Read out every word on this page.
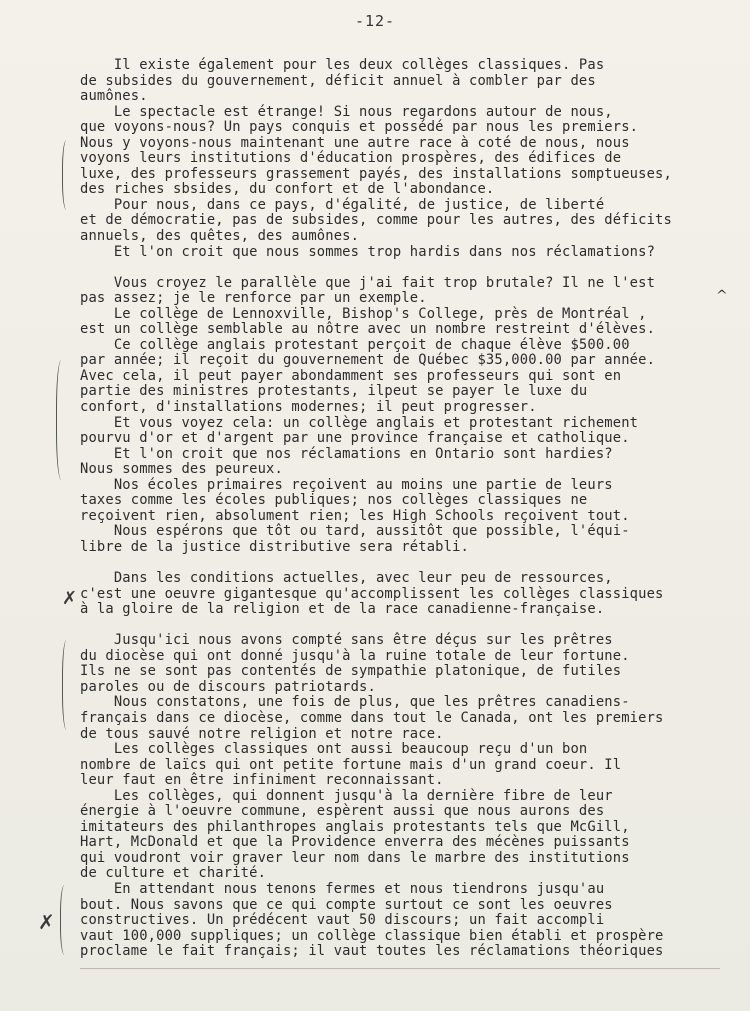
-12-
Il existe également pour les deux collèges classiques. Pas
de subsides du gouvernement, déficit annuel à combler par des
aumônes.
Le spectacle est étrange! Si nous regardons autour de nous,
que voyons-nous? Un pays conquis et possédé par nous les premiers.
Nous y voyons-nous maintenant une autre race à coté de nous, nous
voyons leurs institutions d'éducation prospères, des édifices de
luxe, des professeurs grassement payés, des installations somptueuses,
des riches sbsides, du confort et de l'abondance.
Pour nous, dans ce pays, d'égalité, de justice, de liberté
et de démocratie, pas de subsides, comme pour les autres, des déficits
annuels, des quêtes, des aumônes.
Et l'on croit que nous sommes trop hardis dans nos réclamations?
Vous croyez le parallèle que j'ai fait trop brutale? Il ne l'est
pas assez; je le renforce par un exemple.
Le collège de Lennoxville, Bishop's College, près de Montréal ,
est un collège semblable au nôtre avec un nombre restreint d'élèves.
Ce collège anglais protestant perçoit de chaque élève $500.00
par année; il reçoit du gouvernement de Québec $35,000.00 par année.
Avec cela, il peut payer abondamment ses professeurs qui sont en
partie des ministres protestants, ilpeut se payer le luxe du
confort, d'installations modernes; il peut progresser.
Et vous voyez cela: un collège anglais et protestant richement
pourvu d'or et d'argent par une province française et catholique.
Et l'on croit que nos réclamations en Ontario sont hardies?
Nous sommes des peureux.
Nos écoles primaires reçoivent au moins une partie de leurs
taxes comme les écoles publiques; nos collèges classiques ne
reçoivent rien, absolument rien; les High Schools reçoivent tout.
Nous espérons que tôt ou tard, aussitôt que possible, l'équi-
libre de la justice distributive sera rétabli.
Dans les conditions actuelles, avec leur peu de ressources,
c'est une oeuvre gigantesque qu'accomplissent les collèges classiques
à la gloire de la religion et de la race canadienne-française.
Jusqu'ici nous avons compté sans être déçus sur les prêtres
du diocèse qui ont donné jusqu'à la ruine totale de leur fortune.
Ils ne se sont pas contentés de sympathie platonique, de futiles
paroles ou de discours patriotards.
Nous constatons, une fois de plus, que les prêtres canadiens-
français dans ce diocèse, comme dans tout le Canada, ont les premiers
de tous sauvé notre religion et notre race.
Les collèges classiques ont aussi beaucoup reçu d'un bon
nombre de laïcs qui ont petite fortune mais d'un grand coeur. Il
leur faut en être infiniment reconnaissant.
Les collèges, qui donnent jusqu'à la dernière fibre de leur
énergie à l'oeuvre commune, espèrent aussi que nous aurons des
imitateurs des philanthropes anglais protestants tels que McGill,
Hart, McDonald et que la Providence enverra des mécènes puissants
qui voudront voir graver leur nom dans le marbre des institutions
de culture et charité.
En attendant nous tenons fermes et nous tiendrons jusqu'au
bout. Nous savons que ce qui compte surtout ce sont les oeuvres
constructives. Un prédécent vaut 50 discours; un fait accompli
vaut 100,000 suppliques; un collège classique bien établi et prospère
proclame le fait français; il vaut toutes les réclamations théoriques
✗
✗
^
